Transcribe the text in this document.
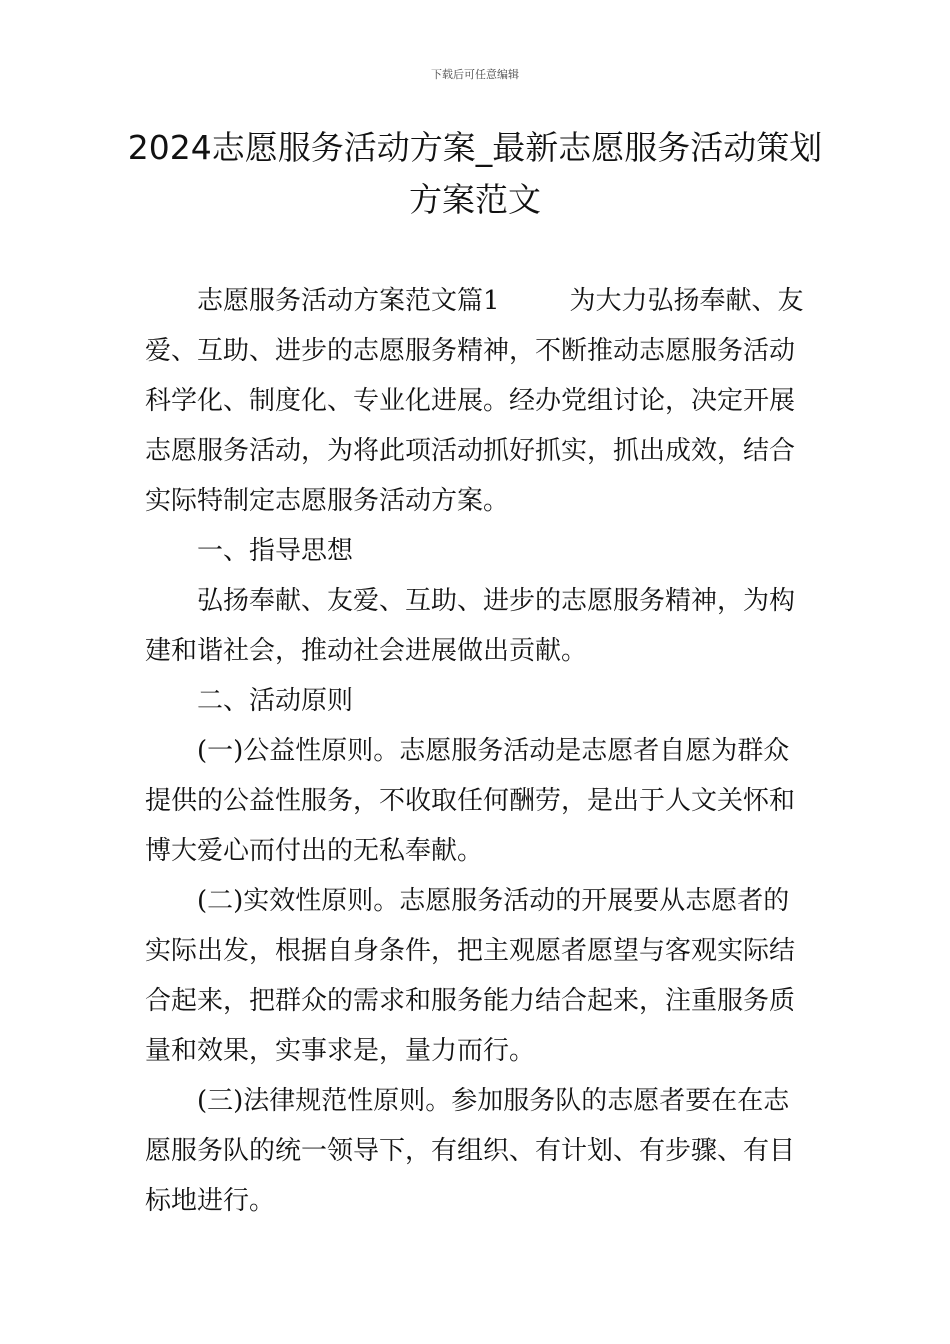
下载后可任意编辑
2024志愿服务活动方案_最新志愿服务活动策划方案范文

志愿服务活动方案范文篇1	为大力弘扬奉献、友爱、互助、进步的志愿服务精神，不断推动志愿服务活动科学化、制度化、专业化进展。经办党组讨论，决定开展志愿服务活动，为将此项活动抓好抓实，抓出成效，结合实际特制定志愿服务活动方案。

一、指导思想

弘扬奉献、友爱、互助、进步的志愿服务精神，为构建和谐社会，推动社会进展做出贡献。

二、活动原则

(一)公益性原则。志愿服务活动是志愿者自愿为群众提供的公益性服务，不收取任何酬劳，是出于人文关怀和博大爱心而付出的无私奉献。

(二)实效性原则。志愿服务活动的开展要从志愿者的实际出发，根据自身条件，把主观愿者愿望与客观实际结合起来，把群众的需求和服务能力结合起来，注重服务质量和效果，实事求是，量力而行。

(三)法律规范性原则。参加服务队的志愿者要在在志愿服务队的统一领导下，有组织、有计划、有步骤、有目标地进行。
